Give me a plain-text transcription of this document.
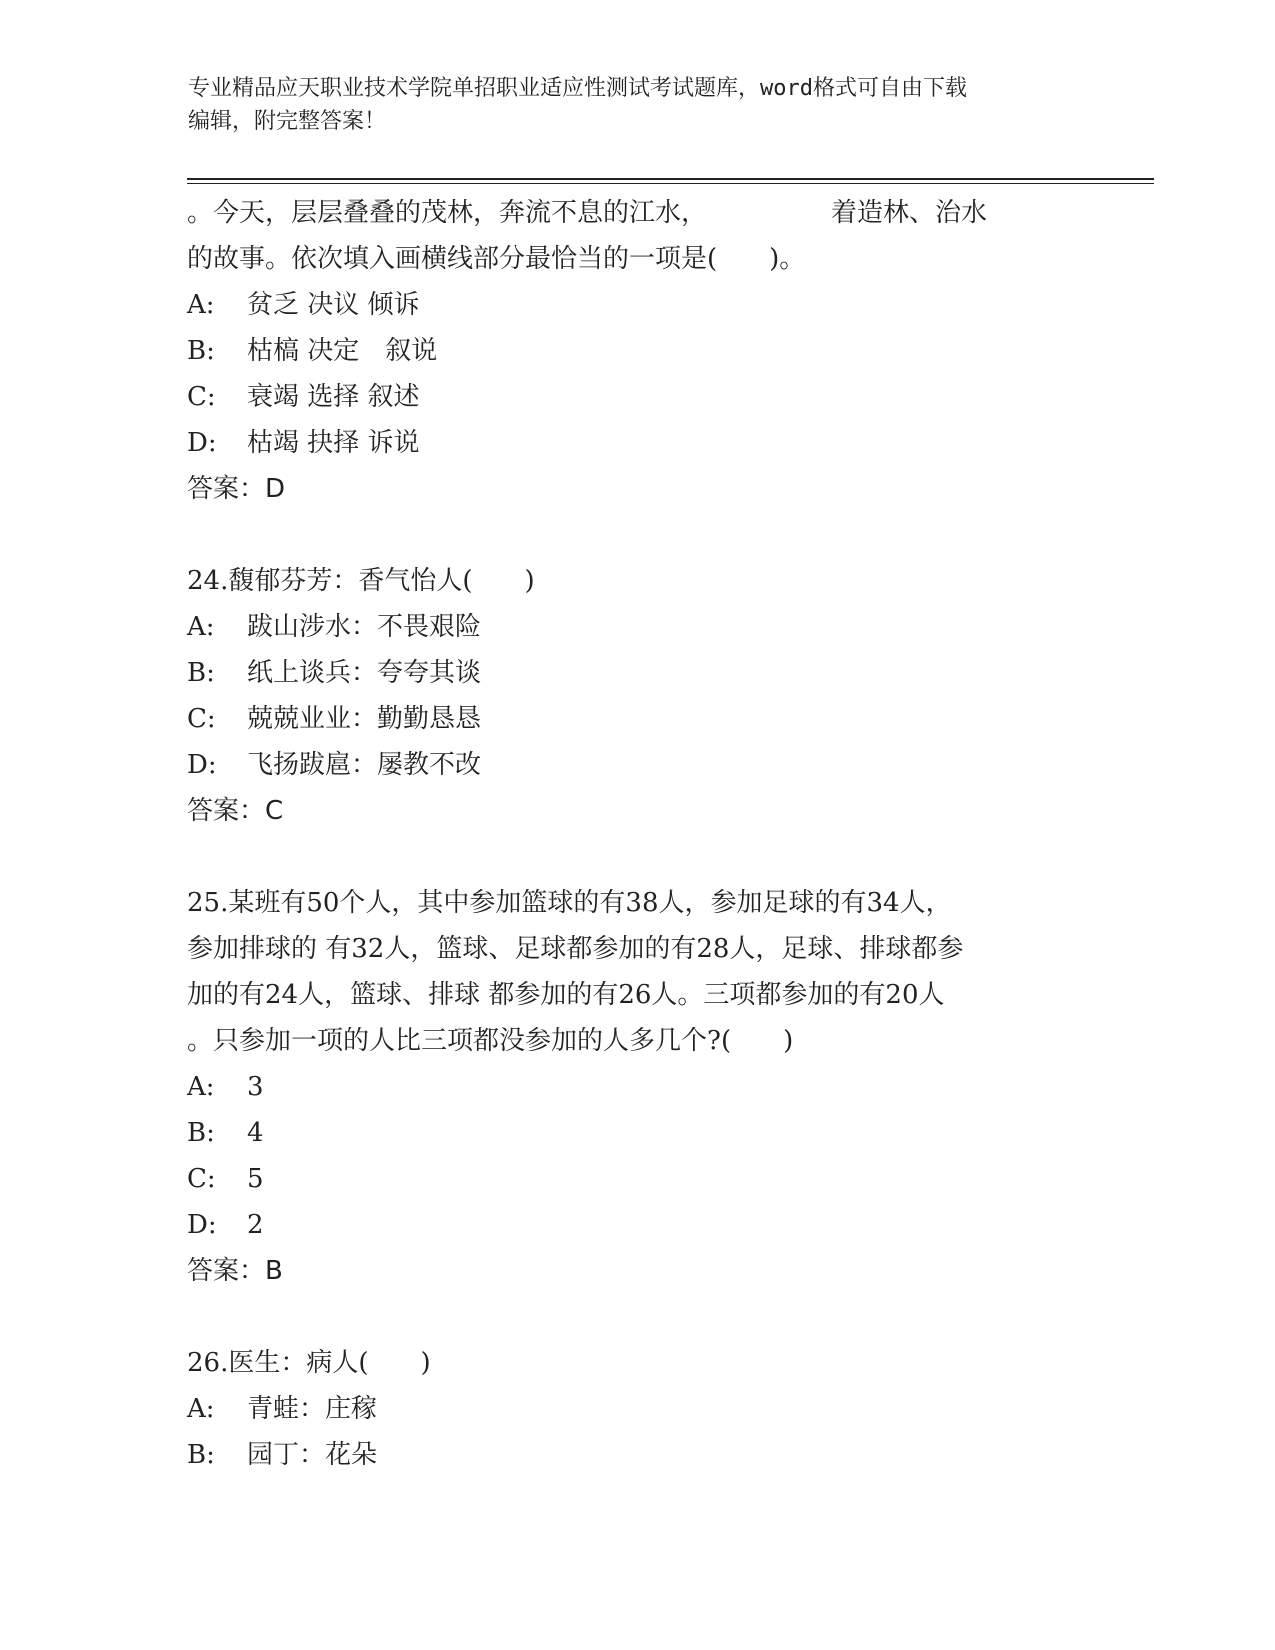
专业精品应天职业技术学院单招职业适应性测试考试题库，word格式可自由下载
编辑，附完整答案！
。今天，层层叠叠的茂林，奔流不息的江水，	着造林、治水
的故事。依次填入画横线部分最恰当的一项是(　　)。
A: 贫乏 决议 倾诉
B: 枯槁 决定　叙说
C: 衰竭 选择 叙述
D: 枯竭 抉择 诉说
答案：D
24.馥郁芬芳：香气怡人(　　)
A: 跋山涉水：不畏艰险
B: 纸上谈兵：夸夸其谈
C: 兢兢业业：勤勤恳恳
D: 飞扬跋扈：屡教不改
答案：C
25.某班有50个人，其中参加篮球的有38人，参加足球的有34人，
参加排球的 有32人，篮球、足球都参加的有28人，足球、排球都参
加的有24人，篮球、排球 都参加的有26人。三项都参加的有20人
。只参加一项的人比三项都没参加的人多几个?(　　)
A: 3
B: 4
C: 5
D: 2
答案：B
26.医生：病人(　　)
A: 青蛙：庄稼
B: 园丁：花朵
